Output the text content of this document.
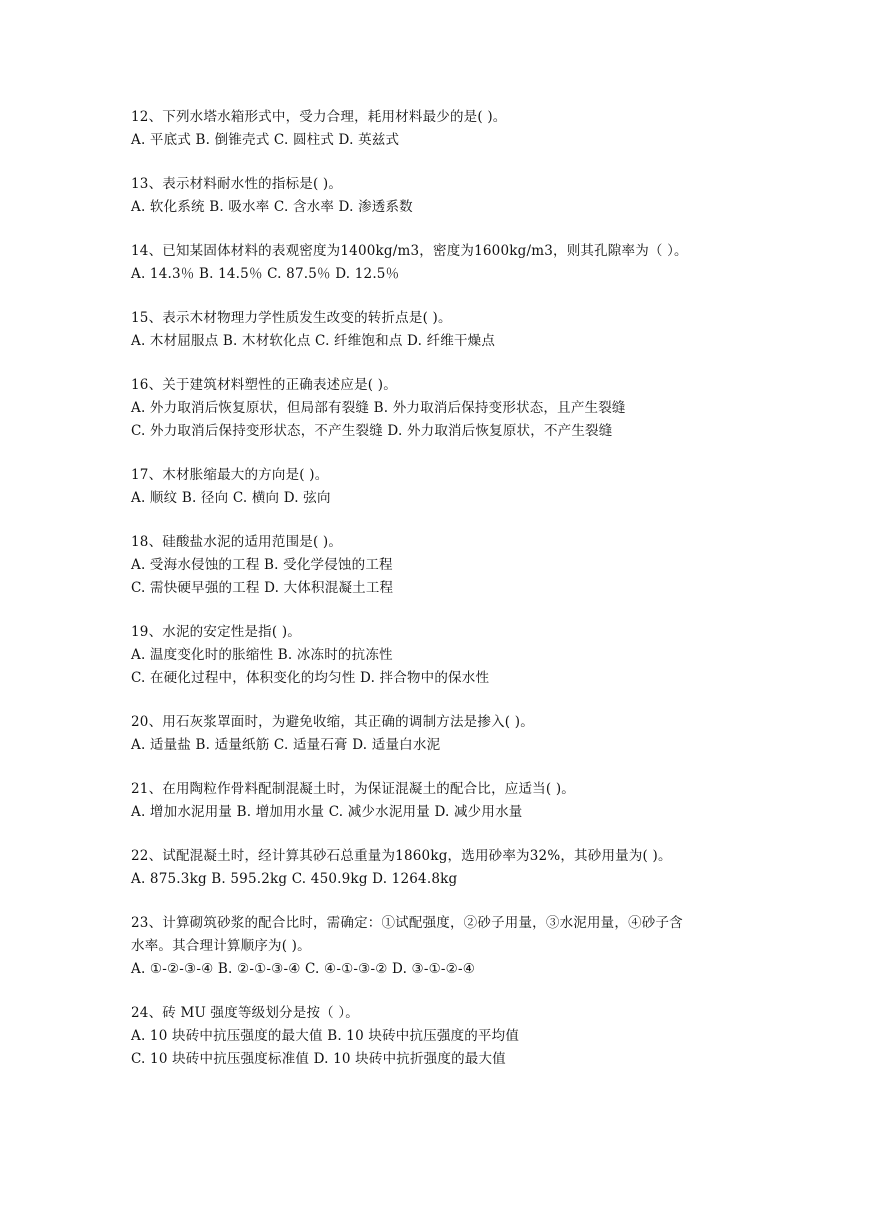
12、下列水塔水箱形式中，受力合理，耗用材料最少的是( )。
A. 平底式 B. 倒锥壳式 C. 圆柱式 D. 英兹式
13、表示材料耐水性的指标是( )。
A. 软化系统 B. 吸水率 C. 含水率 D. 渗透系数
14、已知某固体材料的表观密度为1400kg/m3，密度为1600kg/m3，则其孔隙率为（ ）。
A. 14.3％ B. 14.5％ C. 87.5％ D. 12.5％
15、表示木材物理力学性质发生改变的转折点是( )。
A. 木材屈服点 B. 木材软化点 C. 纤维饱和点 D. 纤维干燥点
16、关于建筑材料塑性的正确表述应是( )。
A. 外力取消后恢复原状，但局部有裂缝 B. 外力取消后保持变形状态，且产生裂缝
C. 外力取消后保持变形状态，不产生裂缝 D. 外力取消后恢复原状，不产生裂缝
17、木材胀缩最大的方向是( )。
A. 顺纹 B. 径向 C. 横向 D. 弦向
18、硅酸盐水泥的适用范围是( )。
A. 受海水侵蚀的工程 B. 受化学侵蚀的工程
C. 需快硬早强的工程 D. 大体积混凝土工程
19、水泥的安定性是指( )。
A. 温度变化时的胀缩性 B. 冰冻时的抗冻性
C. 在硬化过程中，体积变化的均匀性 D. 拌合物中的保水性
20、用石灰浆罩面时，为避免收缩，其正确的调制方法是掺入( )。
A. 适量盐 B. 适量纸筋 C. 适量石膏 D. 适量白水泥
21、在用陶粒作骨料配制混凝土时，为保证混凝土的配合比，应适当( )。
A. 增加水泥用量 B. 增加用水量 C. 减少水泥用量 D. 减少用水量
22、试配混凝土时，经计算其砂石总重量为1860kg，选用砂率为32%，其砂用量为( )。
A. 875.3kg B. 595.2kg C. 450.9kg D. 1264.8kg
23、计算砌筑砂浆的配合比时，需确定：①试配强度，②砂子用量，③水泥用量，④砂子含
水率。其合理计算顺序为( )。
A. ①-②-③-④ B. ②-①-③-④ C. ④-①-③-② D. ③-①-②-④
24、砖 MU 强度等级划分是按（ ）。
A. 10 块砖中抗压强度的最大值 B. 10 块砖中抗压强度的平均值
C. 10 块砖中抗压强度标准值 D. 10 块砖中抗折强度的最大值
